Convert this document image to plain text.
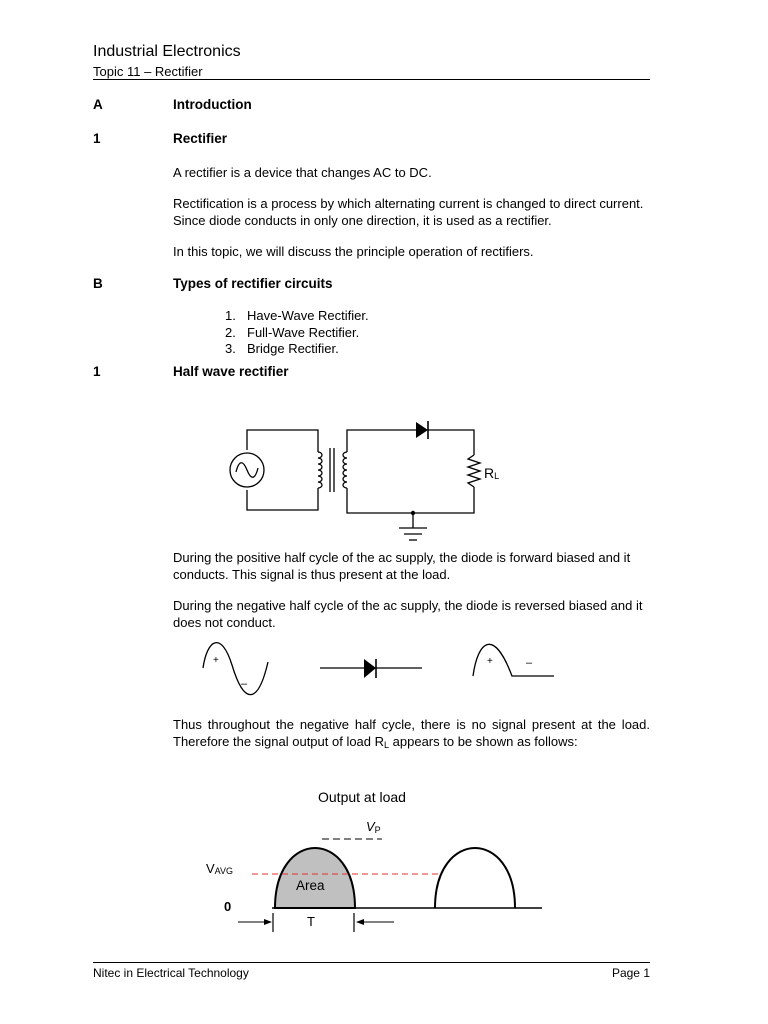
Industrial Electronics
Topic 11 – Rectifier
A	Introduction
1	Rectifier
A rectifier is a device that changes AC to DC.
Rectification is a process by which alternating current is changed to direct current. Since diode conducts in only one direction, it is used as a rectifier.
In this topic, we will discuss the principle operation of rectifiers.
B	Types of rectifier circuits
1. Have-Wave Rectifier.
2. Full-Wave Rectifier.
3. Bridge Rectifier.
1	Half wave rectifier
RL
During the positive half cycle of the ac supply, the diode is forward biased and it conducts. This signal is thus present at the load.
During the negative half cycle of the ac supply, the diode is reversed biased and it does not conduct.
+
–
+	–
Thus throughout the negative half cycle, there is no signal present at the load. Therefore the signal output of load $R_L$ appears to be shown as follows:
Output at load
VP
VAVG
Area
0
T
Nitec in Electrical Technology	Page 1
